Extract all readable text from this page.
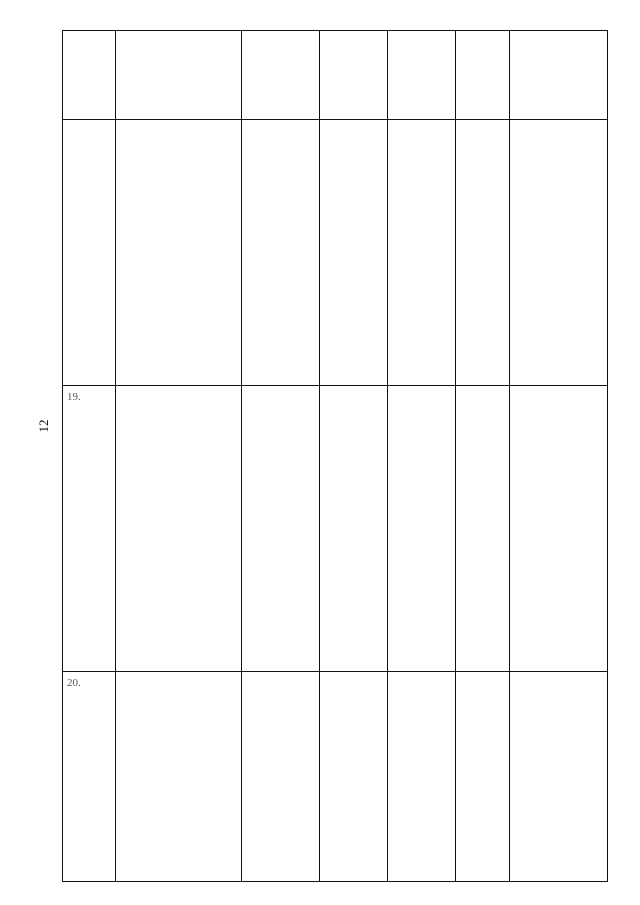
12
19.
20.
